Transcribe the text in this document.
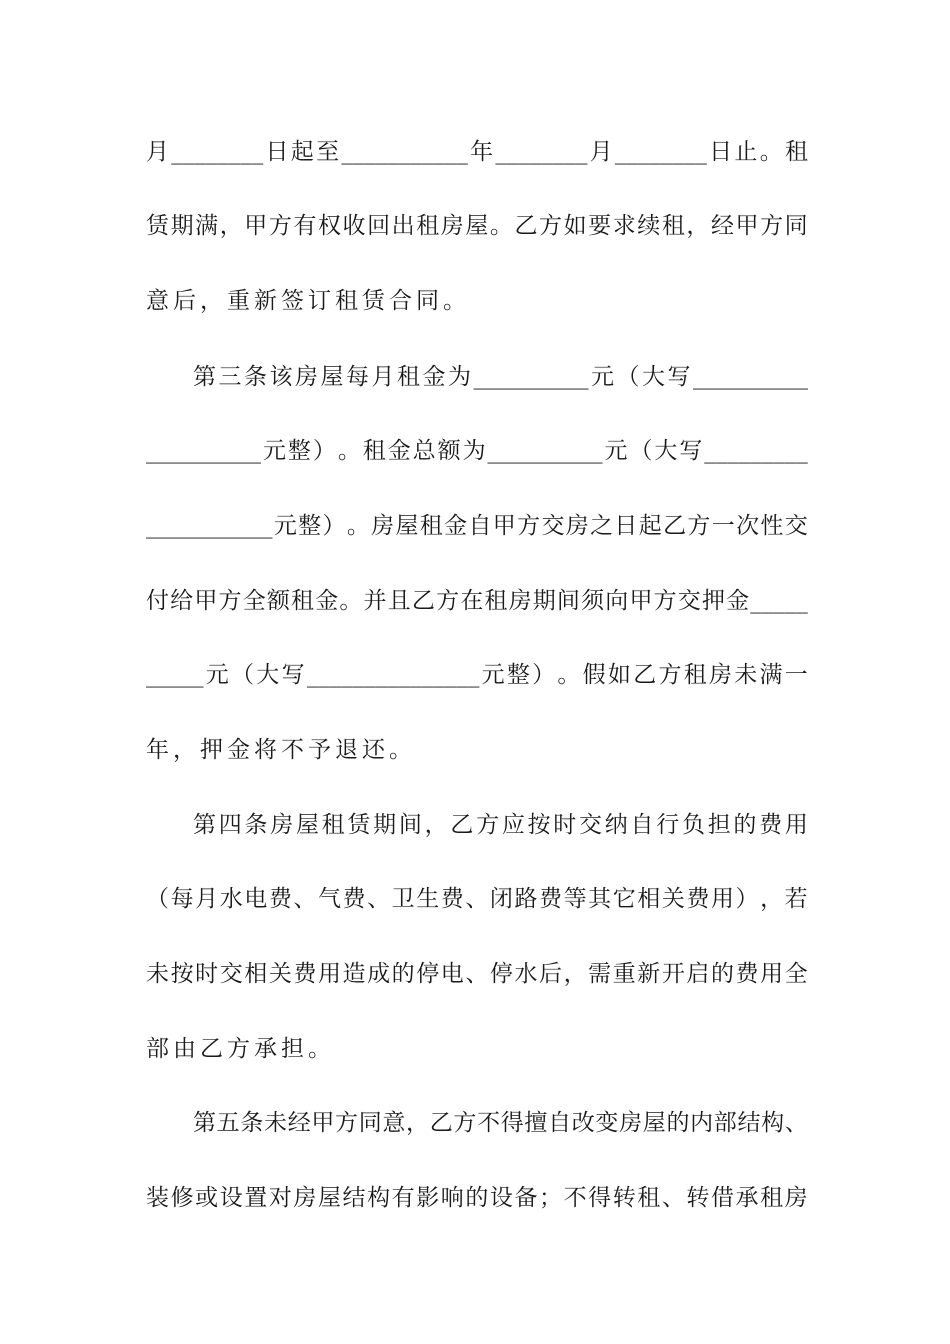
月 ________ 日 起 至 ___________ 年 ________ 月 ________ 日 止 。 租
赁 期 满 ， 甲 方 有 权 收 回 出 租 房 屋 。 乙 方 如 要 求 续 租 ， 经 甲 方 同
意后，重新签订租赁合同。
第 三 条 该 房 屋 每 月 租 金 为 __________ 元 （ 大 写 __________
__________ 元 整 ） 。 租 金 总 额 为 __________ 元 （ 大 写 _________
___________ 元 整 ） 。 房 屋 租 金 自 甲 方 交 房 之 日 起 乙 方 一 次 性 交
付 给 甲 方 全 额 租 金 。 并 且 乙 方 在 租 房 期 间 须 向 甲 方 交 押 金 _____
_____ 元 （ 大 写 _______________ 元 整 ） 。 假 如 乙 方 租 房 未 满 一
年，押金将不予退还。
第 四 条 房 屋 租 赁 期 间 ， 乙 方 应 按 时 交 纳 自 行 负 担 的 费 用
（ 每 月 水 电 费 、 气 费 、 卫 生 费 、 闭 路 费 等 其 它 相 关 费 用 ） ， 若
未 按 时 交 相 关 费 用 造 成 的 停 电 、 停 水 后 ， 需 重 新 开 启 的 费 用 全
部由乙方承担。
第 五 条 未 经 甲 方 同 意 ， 乙 方 不 得 擅 自 改 变 房 屋 的 内 部 结 构 、
装 修 或 设 置 对 房 屋 结 构 有 影 响 的 设 备 ； 不 得 转 租 、 转 借 承 租 房
